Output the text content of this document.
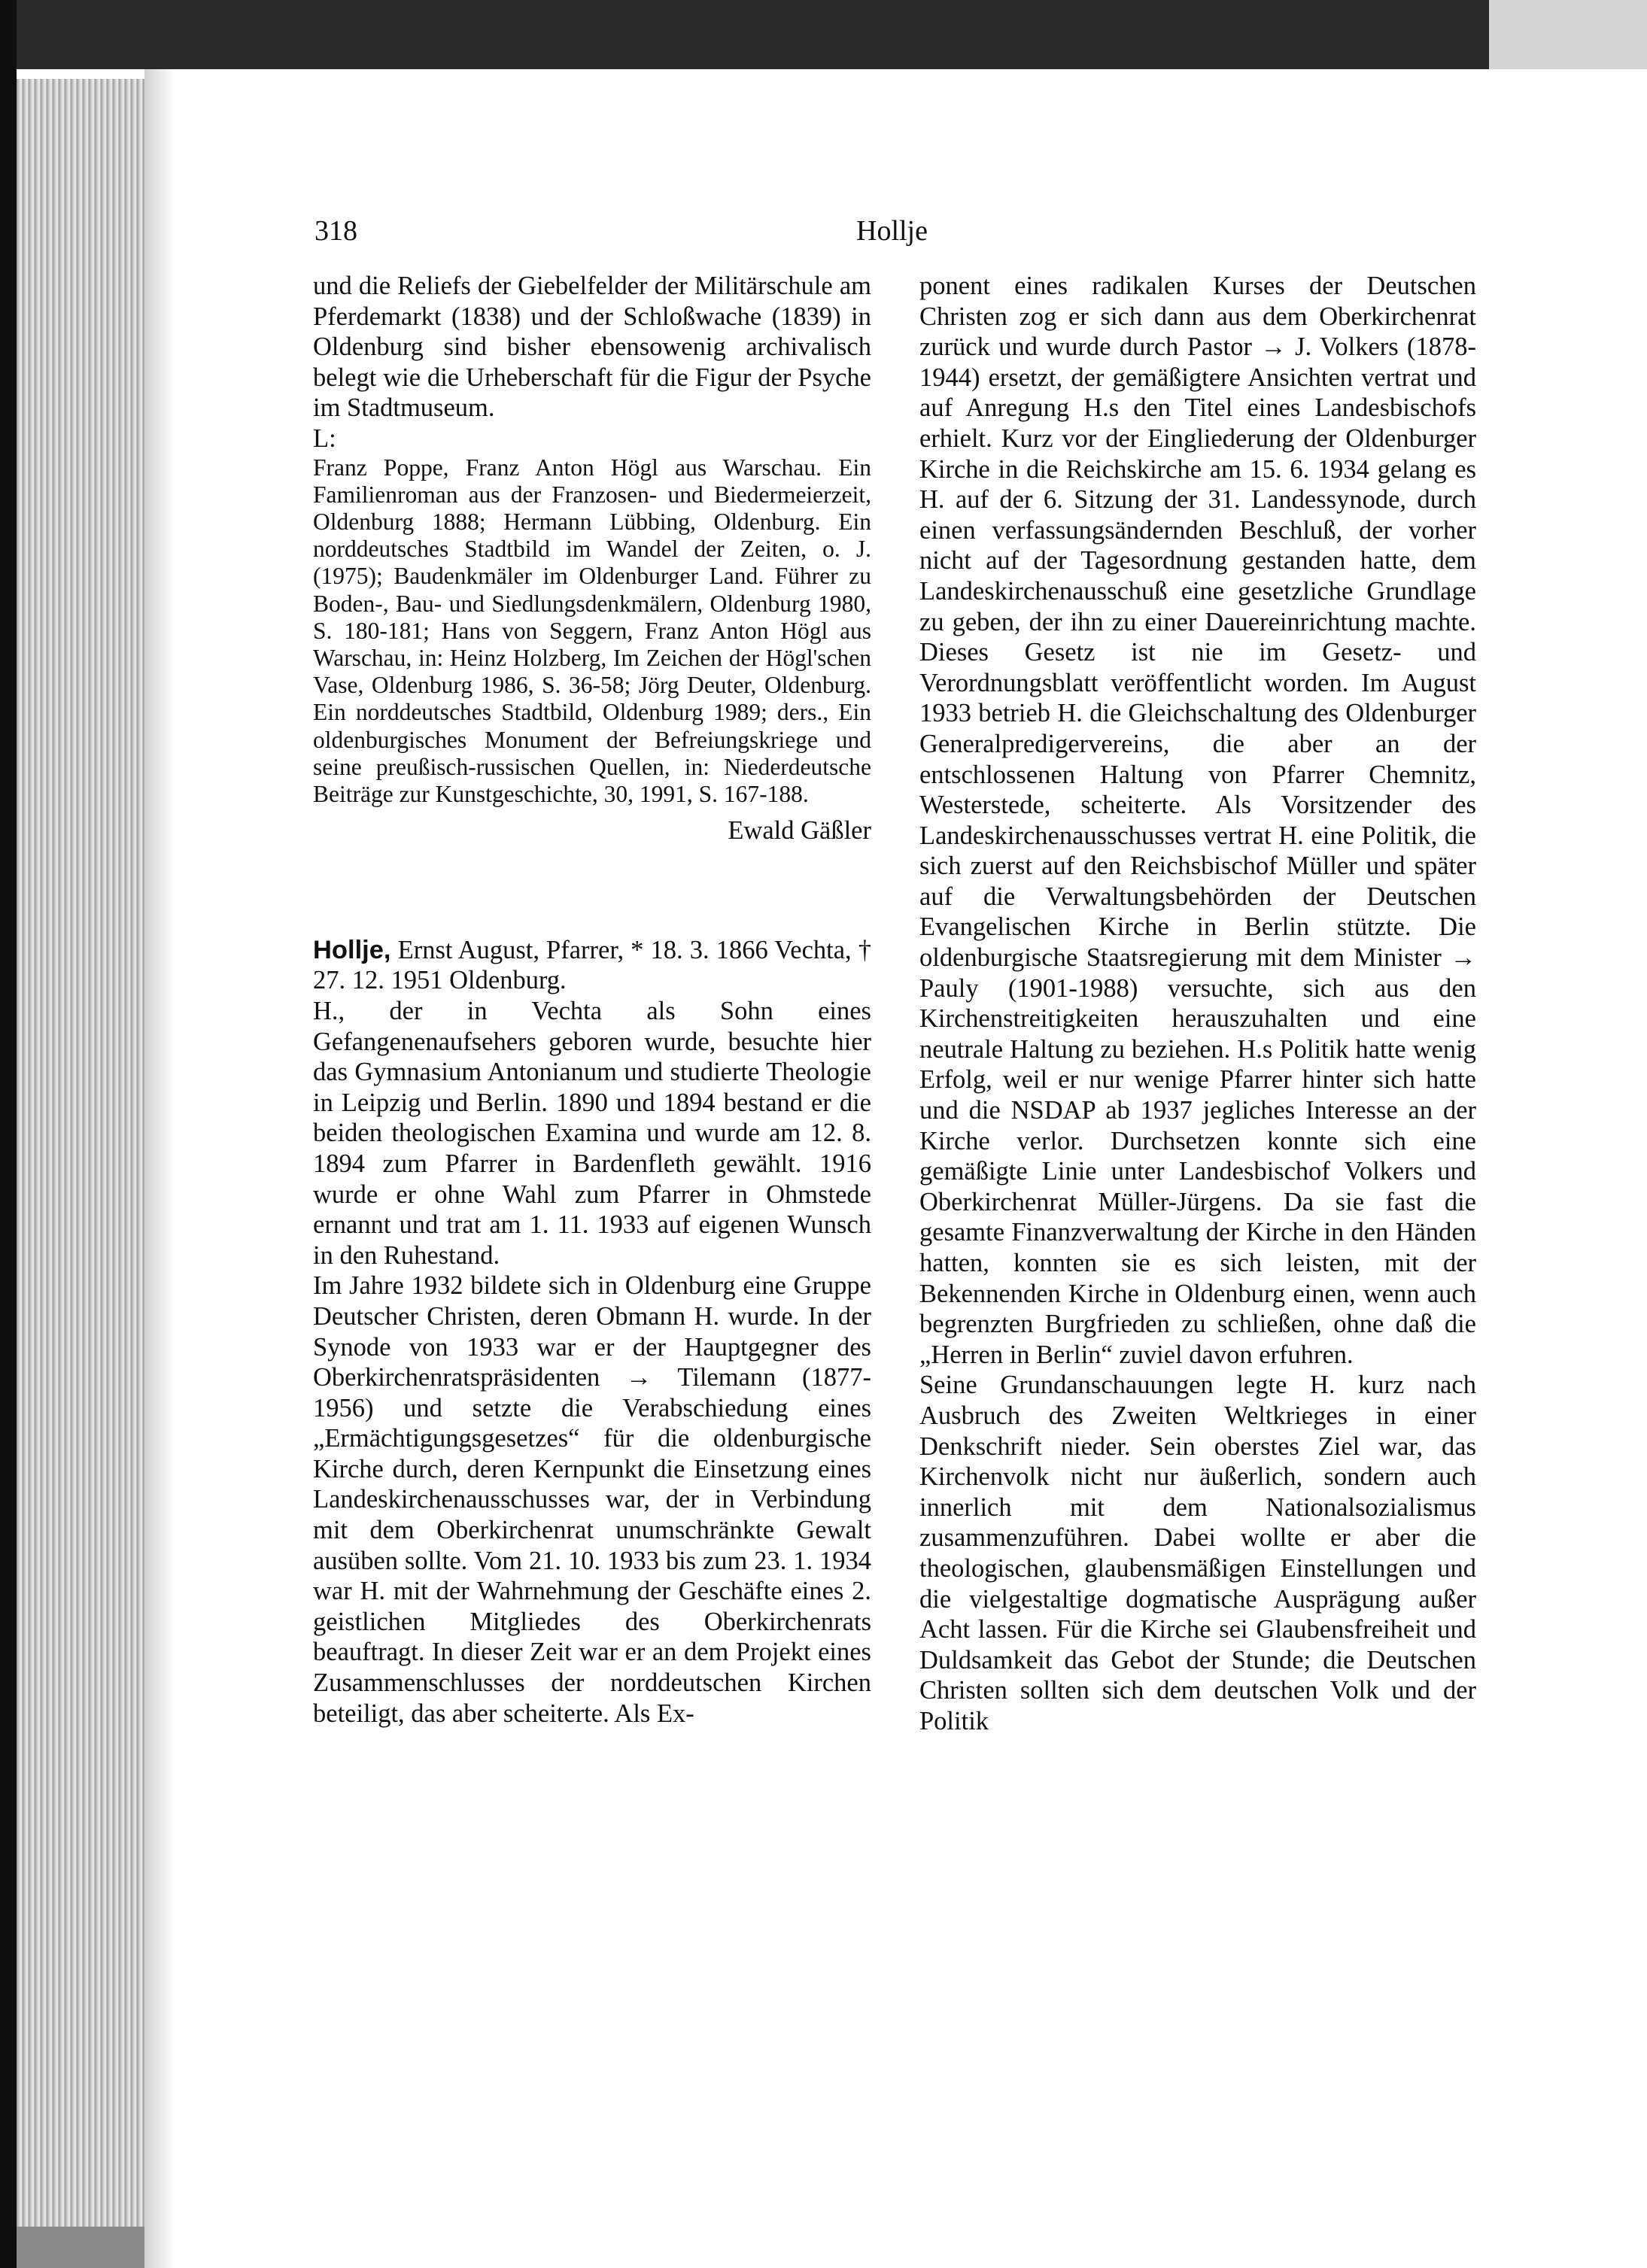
318	Hollje

und die Reliefs der Giebelfelder der Militärschule am Pferdemarkt (1838) und der Schloßwache (1839) in Oldenburg sind bisher ebensowenig archivalisch belegt wie die Urheberschaft für die Figur der Psyche im Stadtmuseum.

L:

Franz Poppe, Franz Anton Högl aus Warschau. Ein Familienroman aus der Franzosen- und Biedermeierzeit, Oldenburg 1888; Hermann Lübbing, Oldenburg. Ein norddeutsches Stadtbild im Wandel der Zeiten, o. J. (1975); Baudenkmäler im Oldenburger Land. Führer zu Boden-, Bau- und Siedlungsdenkmälern, Oldenburg 1980, S. 180-181; Hans von Seggern, Franz Anton Högl aus Warschau, in: Heinz Holzberg, Im Zeichen der Högl'schen Vase, Oldenburg 1986, S. 36-58; Jörg Deuter, Oldenburg. Ein norddeutsches Stadtbild, Oldenburg 1989; ders., Ein oldenburgisches Monument der Befreiungskriege und seine preußisch-russischen Quellen, in: Niederdeutsche Beiträge zur Kunstgeschichte, 30, 1991, S. 167-188.

Ewald Gäßler

Hollje, Ernst August, Pfarrer, * 18. 3. 1866 Vechta, † 27. 12. 1951 Oldenburg.

H., der in Vechta als Sohn eines Gefangenenaufsehers geboren wurde, besuchte hier das Gymnasium Antonianum und studierte Theologie in Leipzig und Berlin. 1890 und 1894 bestand er die beiden theologischen Examina und wurde am 12. 8. 1894 zum Pfarrer in Bardenfleth gewählt. 1916 wurde er ohne Wahl zum Pfarrer in Ohmstede ernannt und trat am 1. 11. 1933 auf eigenen Wunsch in den Ruhestand.

Im Jahre 1932 bildete sich in Oldenburg eine Gruppe Deutscher Christen, deren Obmann H. wurde. In der Synode von 1933 war er der Hauptgegner des Oberkirchenratspräsidenten → Tilemann (1877-1956) und setzte die Verabschiedung eines „Ermächtigungsgesetzes“ für die oldenburgische Kirche durch, deren Kernpunkt die Einsetzung eines Landeskirchenausschusses war, der in Verbindung mit dem Oberkirchenrat unumschränkte Gewalt ausüben sollte. Vom 21. 10. 1933 bis zum 23. 1. 1934 war H. mit der Wahrnehmung der Geschäfte eines 2. geistlichen Mitgliedes des Oberkirchenrats beauftragt. In dieser Zeit war er an dem Projekt eines Zusammenschlusses der norddeutschen Kirchen beteiligt, das aber scheiterte. Als Ex-

ponent eines radikalen Kurses der Deutschen Christen zog er sich dann aus dem Oberkirchenrat zurück und wurde durch Pastor → J. Volkers (1878-1944) ersetzt, der gemäßigtere Ansichten vertrat und auf Anregung H.s den Titel eines Landesbischofs erhielt. Kurz vor der Eingliederung der Oldenburger Kirche in die Reichskirche am 15. 6. 1934 gelang es H. auf der 6. Sitzung der 31. Landessynode, durch einen verfassungsändernden Beschluß, der vorher nicht auf der Tagesordnung gestanden hatte, dem Landeskirchenausschuß eine gesetzliche Grundlage zu geben, der ihn zu einer Dauereinrichtung machte. Dieses Gesetz ist nie im Gesetz- und Verordnungsblatt veröffentlicht worden. Im August 1933 betrieb H. die Gleichschaltung des Oldenburger Generalpredigervereins, die aber an der entschlossenen Haltung von Pfarrer Chemnitz, Westerstede, scheiterte. Als Vorsitzender des Landeskirchenausschusses vertrat H. eine Politik, die sich zuerst auf den Reichsbischof Müller und später auf die Verwaltungsbehörden der Deutschen Evangelischen Kirche in Berlin stützte. Die oldenburgische Staatsregierung mit dem Minister → Pauly (1901-1988) versuchte, sich aus den Kirchenstreitigkeiten herauszuhalten und eine neutrale Haltung zu beziehen. H.s Politik hatte wenig Erfolg, weil er nur wenige Pfarrer hinter sich hatte und die NSDAP ab 1937 jegliches Interesse an der Kirche verlor. Durchsetzen konnte sich eine gemäßigte Linie unter Landesbischof Volkers und Oberkirchenrat Müller-Jürgens. Da sie fast die gesamte Finanzverwaltung der Kirche in den Händen hatten, konnten sie es sich leisten, mit der Bekennenden Kirche in Oldenburg einen, wenn auch begrenzten Burgfrieden zu schließen, ohne daß die „Herren in Berlin“ zuviel davon erfuhren.

Seine Grundanschauungen legte H. kurz nach Ausbruch des Zweiten Weltkrieges in einer Denkschrift nieder. Sein oberstes Ziel war, das Kirchenvolk nicht nur äußerlich, sondern auch innerlich mit dem Nationalsozialismus zusammenzuführen. Dabei wollte er aber die theologischen, glaubensmäßigen Einstellungen und die vielgestaltige dogmatische Ausprägung außer Acht lassen. Für die Kirche sei Glaubensfreiheit und Duldsamkeit das Gebot der Stunde; die Deutschen Christen sollten sich dem deutschen Volk und der Politik
